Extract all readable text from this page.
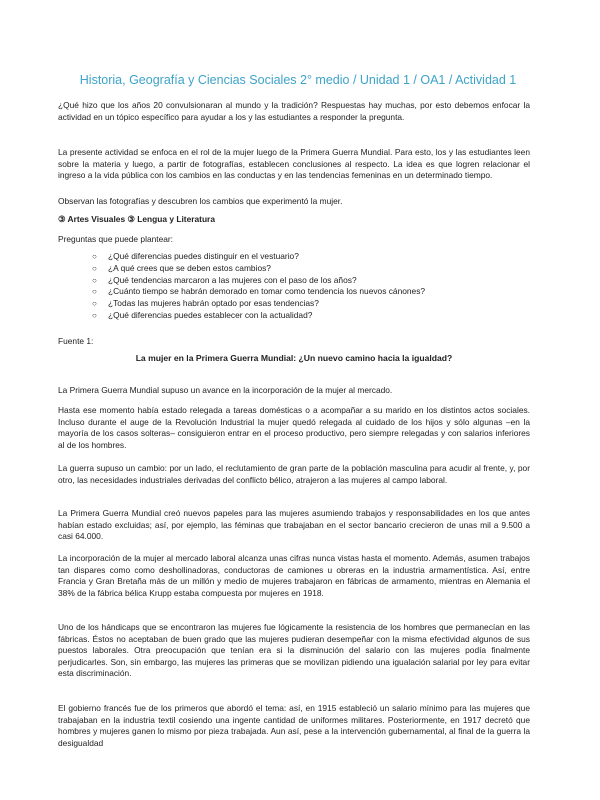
Historia, Geografía y Ciencias Sociales 2° medio / Unidad 1 / OA1 / Actividad 1
¿Qué hizo que los años 20 convulsionaran al mundo y la tradición? Respuestas hay muchas, por esto debemos enfocar la actividad en un tópico específico para ayudar a los y las estudiantes a responder la pregunta.
La presente actividad se enfoca en el rol de la mujer luego de la Primera Guerra Mundial. Para esto, los y las estudiantes leen sobre la materia y luego, a partir de fotografías, establecen conclusiones al respecto. La idea es que logren relacionar el ingreso a la vida pública con los cambios en las conductas y en las tendencias femeninas en un determinado tiempo.
Observan las fotografías y descubren los cambios que experimentó la mujer.
③ Artes Visuales ③ Lengua y Literatura
Preguntas que puede plantear:
○ ¿Qué diferencias puedes distinguir en el vestuario?
○ ¿A qué crees que se deben estos cambios?
○ ¿Qué tendencias marcaron a las mujeres con el paso de los años?
○ ¿Cuánto tiempo se habrán demorado en tomar como tendencia los nuevos cánones?
○ ¿Todas las mujeres habrán optado por esas tendencias?
○ ¿Qué diferencias puedes establecer con la actualidad?
Fuente 1:
La mujer en la Primera Guerra Mundial: ¿Un nuevo camino hacia la igualdad?
La Primera Guerra Mundial supuso un avance en la incorporación de la mujer al mercado.
Hasta ese momento había estado relegada a tareas domésticas o a acompañar a su marido en los distintos actos sociales. Incluso durante el auge de la Revolución Industrial la mujer quedó relegada al cuidado de los hijos y sólo algunas –en la mayoría de los casos solteras– consiguieron entrar en el proceso productivo, pero siempre relegadas y con salarios inferiores al de los hombres.
La guerra supuso un cambio: por un lado, el reclutamiento de gran parte de la población masculina para acudir al frente, y, por otro, las necesidades industriales derivadas del conflicto bélico, atrajeron a las mujeres al campo laboral.
La Primera Guerra Mundial creó nuevos papeles para las mujeres asumiendo trabajos y responsabilidades en los que antes habían estado excluidas; así, por ejemplo, las féminas que trabajaban en el sector bancario crecieron de unas mil a 9.500 a casi 64.000.
La incorporación de la mujer al mercado laboral alcanza unas cifras nunca vistas hasta el momento. Además, asumen trabajos tan dispares como como deshollinadoras, conductoras de camiones u obreras en la industria armamentística. Así, entre Francia y Gran Bretaña más de un millón y medio de mujeres trabajaron en fábricas de armamento, mientras en Alemania el 38% de la fábrica bélica Krupp estaba compuesta por mujeres en 1918.
Uno de los hándicaps que se encontraron las mujeres fue lógicamente la resistencia de los hombres que permanecían en las fábricas. Éstos no aceptaban de buen grado que las mujeres pudieran desempeñar con la misma efectividad algunos de sus puestos laborales. Otra preocupación que tenían era si la disminución del salario con las mujeres podía finalmente perjudicarles. Son, sin embargo, las mujeres las primeras que se movilizan pidiendo una igualación salarial por ley para evitar esta discriminación.
El gobierno francés fue de los primeros que abordó el tema: así, en 1915 estableció un salario mínimo para las mujeres que trabajaban en la industria textil cosiendo una ingente cantidad de uniformes militares. Posteriormente, en 1917 decretó que hombres y mujeres ganen lo mismo por pieza trabajada. Aun así, pese a la intervención gubernamental, al final de la guerra la desigualdad
